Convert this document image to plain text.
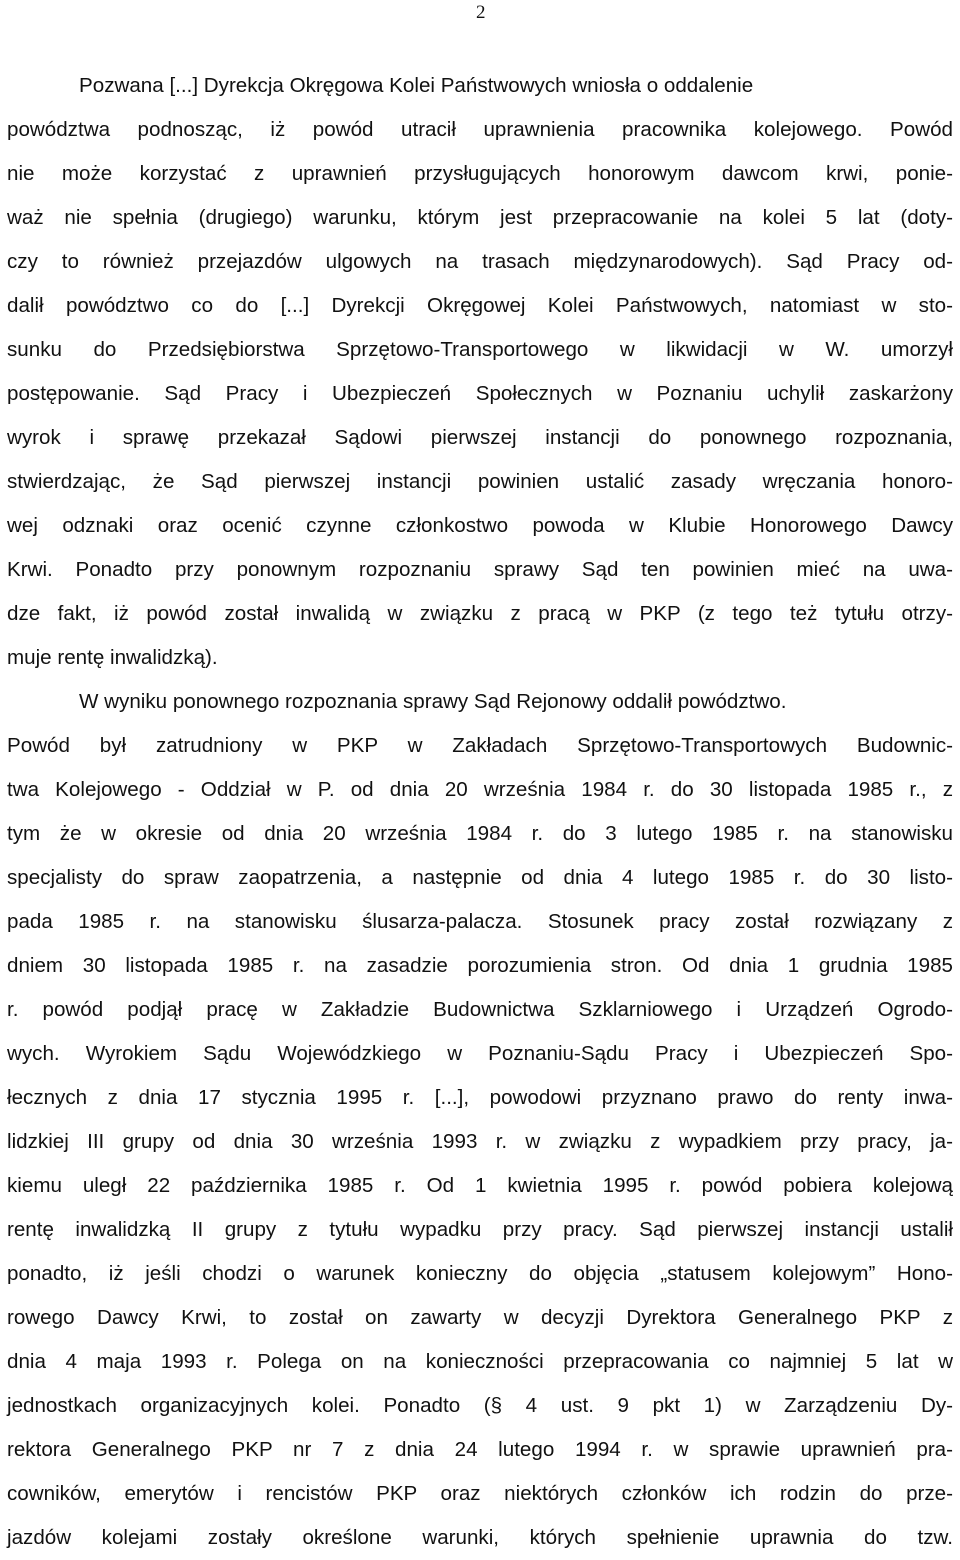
2
Pozwana [...] Dyrekcja Okręgowa Kolei Państwowych wniosła o oddalenie
powództwa podnosząc, iż powód utracił uprawnienia pracownika kolejowego. Powód
nie może korzystać z uprawnień przysługujących honorowym dawcom krwi, ponie-
waż nie spełnia (drugiego) warunku, którym jest przepracowanie na kolei 5 lat (doty-
czy to również przejazdów ulgowych na trasach międzynarodowych). Sąd Pracy od-
dalił powództwo co do [...] Dyrekcji Okręgowej Kolei Państwowych, natomiast w sto-
sunku do Przedsiębiorstwa Sprzętowo-Transportowego w likwidacji w W. umorzył
postępowanie. Sąd Pracy i Ubezpieczeń Społecznych w Poznaniu uchylił zaskarżony
wyrok i sprawę przekazał Sądowi pierwszej instancji do ponownego rozpoznania,
stwierdzając, że Sąd pierwszej instancji powinien ustalić zasady wręczania honoro-
wej odznaki oraz ocenić czynne członkostwo powoda w Klubie Honorowego Dawcy
Krwi. Ponadto przy ponownym rozpoznaniu sprawy Sąd ten powinien mieć na uwa-
dze fakt, iż powód został inwalidą w związku z pracą w PKP (z tego też tytułu otrzy-
muje rentę inwalidzką).
W wyniku ponownego rozpoznania sprawy Sąd Rejonowy oddalił powództwo.
Powód był zatrudniony w PKP w Zakładach Sprzętowo-Transportowych Budownic-
twa Kolejowego - Oddział w P. od dnia 20 września 1984 r. do 30 listopada 1985 r., z
tym że w okresie od dnia 20 września 1984 r. do 3 lutego 1985 r. na stanowisku
specjalisty do spraw zaopatrzenia, a następnie od dnia 4 lutego 1985 r. do 30 listo-
pada 1985 r. na stanowisku ślusarza-palacza. Stosunek pracy został rozwiązany z
dniem 30 listopada 1985 r. na zasadzie porozumienia stron. Od dnia 1 grudnia 1985
r. powód podjął pracę w Zakładzie Budownictwa Szklarniowego i Urządzeń Ogrodo-
wych. Wyrokiem Sądu Wojewódzkiego w Poznaniu-Sądu Pracy i Ubezpieczeń Spo-
łecznych z dnia 17 stycznia 1995 r. [...], powodowi przyznano prawo do renty inwa-
lidzkiej III grupy od dnia 30 września 1993 r. w związku z wypadkiem przy pracy, ja-
kiemu uległ 22 października 1985 r. Od 1 kwietnia 1995 r. powód pobiera kolejową
rentę inwalidzką II grupy z tytułu wypadku przy pracy. Sąd pierwszej instancji ustalił
ponadto, iż jeśli chodzi o warunek konieczny do objęcia „statusem kolejowym” Hono-
rowego Dawcy Krwi, to został on zawarty w decyzji Dyrektora Generalnego PKP z
dnia 4 maja 1993 r. Polega on na konieczności przepracowania co najmniej 5 lat w
jednostkach organizacyjnych kolei. Ponadto (§ 4 ust. 9 pkt 1) w Zarządzeniu Dy-
rektora Generalnego PKP nr 7 z dnia 24 lutego 1994 r. w sprawie uprawnień pra-
cowników, emerytów i rencistów PKP oraz niektórych członków ich rodzin do prze-
jazdów kolejami zostały określone warunki, których spełnienie uprawnia do tzw.
